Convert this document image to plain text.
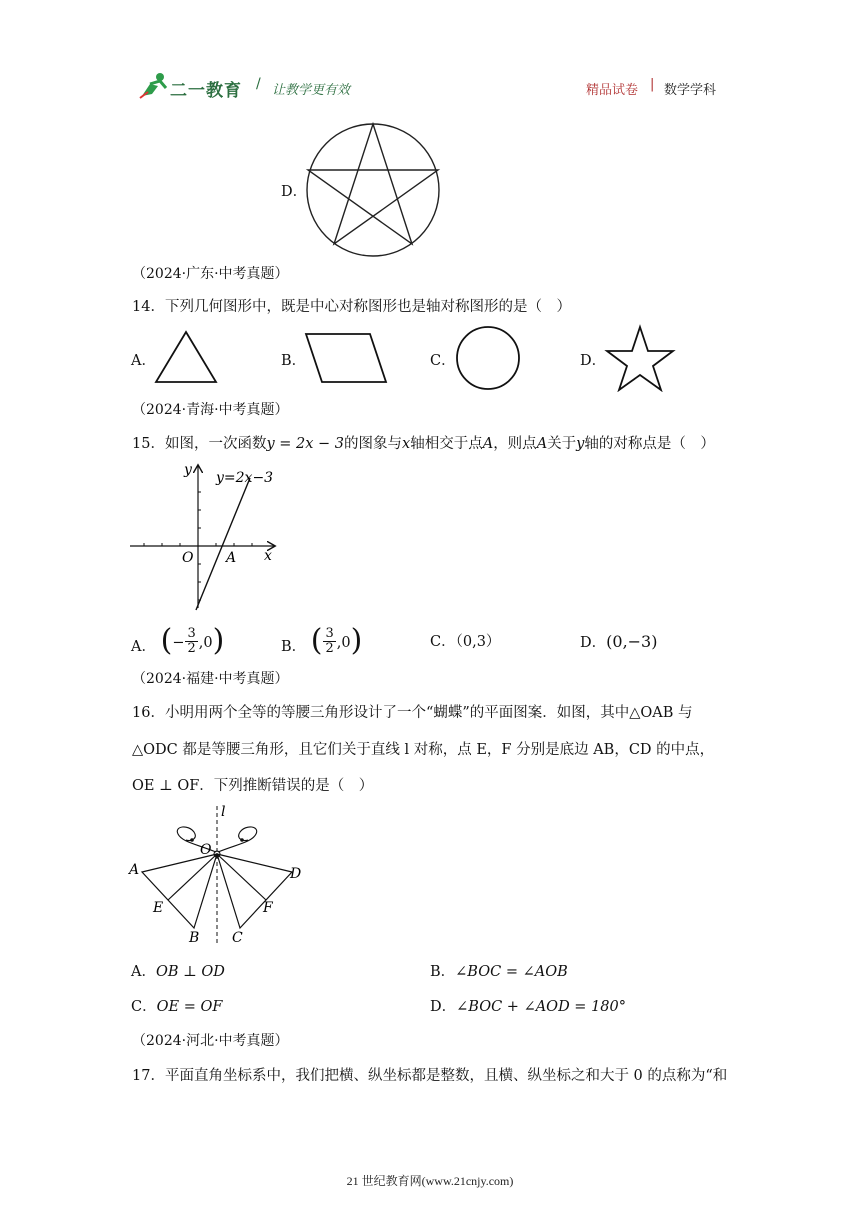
二一教育 / 让教学更有效	精品试卷 | 数学学科
D．
（2024·广东·中考真题）
14．下列几何图形中，既是中心对称图形也是轴对称图形的是（　）
A．	B．	C．	D．
（2024·青海·中考真题）
15．如图，一次函数y = 2x − 3的图象与x轴相交于点A，则点A关于y轴的对称点是（　）
y
x
y=2x−3
O A
A． (− $\frac{3}{2} ,0$)	B． ( $\frac{3}{2} ,0$)	C．（0,3）	D．(0,−3)
（2024·福建·中考真题）
16．小明用两个全等的等腰三角形设计了一个“蝴蝶”的平面图案．如图，其中△OAB 与
△ODC 都是等腰三角形，且它们关于直线 l 对称，点 E，F 分别是底边 AB，CD 的中点，
OE ⊥ OF．下列推断错误的是（　）
l
O
A
E
B C
F
D
A．OB ⊥ OD	B．∠BOC = ∠AOB
C．OE = OF	D．∠BOC + ∠AOD = 180°
（2024·河北·中考真题）
17．平面直角坐标系中，我们把横、纵坐标都是整数，且横、纵坐标之和大于 0 的点称为“和
21 世纪教育网(www.21cnjy.com)
